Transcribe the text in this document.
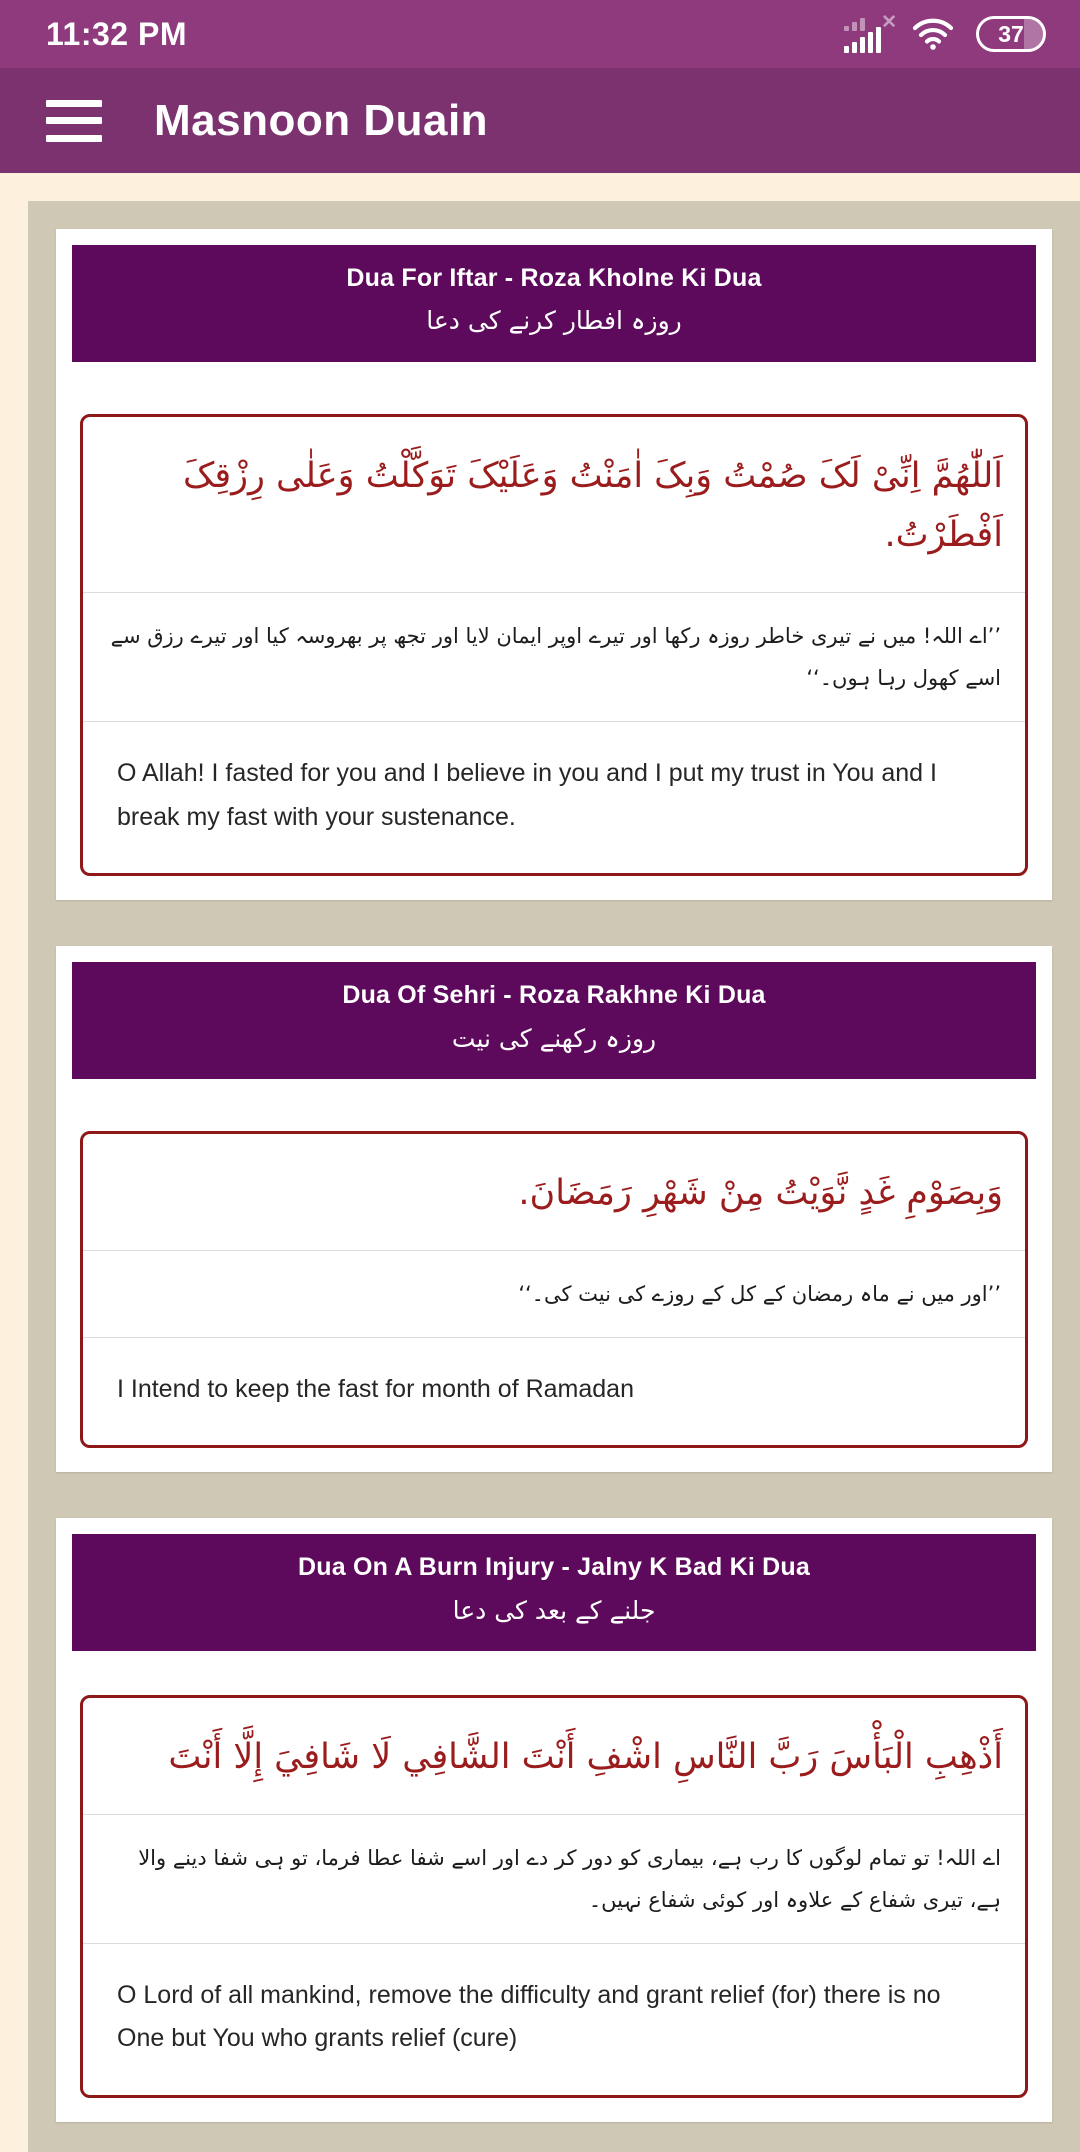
11:32 PM	✕	37
Masnoon Duain
Dua For Iftar - Roza Kholne Ki Dua
روزہ افطار کرنے کی دعا
اَللّٰهُمَّ اِنِّیْ لَکَ صُمْتُ وَبِکَ اٰمَنْتُ وَعَلَیْکَ تَوَکَّلْتُ وَعَلٰی رِزْقِکَ اَفْطَرْتُ.
’’اے اللہ! میں نے تیری خاطر روزہ رکھا اور تیرے اوپر ایمان لایا اور تجھ پر بھروسہ کیا اور تیرے رزق سے اسے کھول رہا ہوں۔‘‘
O Allah! I fasted for you and I believe in you and I put my trust in You and I break my fast with your sustenance.
Dua Of Sehri - Roza Rakhne Ki Dua
روزہ رکھنے کی نیت
وَبِصَوْمِ غَدٍ نَّوَيْتُ مِنْ شَهْرِ رَمَضَانَ.
’’اور میں نے ماہ رمضان کے کل کے روزے کی نیت کی۔‘‘
I Intend to keep the fast for month of Ramadan
Dua On A Burn Injury - Jalny K Bad Ki Dua
جلنے کے بعد کی دعا
أَذْهِبِ الْبَأْسَ رَبَّ النَّاسِ اشْفِ أَنْتَ الشَّافِي لَا شَافِيَ إِلَّا أَنْتَ
اے اللہ! تو تمام لوگوں کا رب ہے، بیماری کو دور کر دے اور اسے شفا عطا فرما، تو ہی شفا دینے والا ہے، تیری شفاع کے علاوہ اور کوئی شفاع نہیں۔
O Lord of all mankind, remove the difficulty and grant relief (for) there is no One but You who grants relief (cure)
